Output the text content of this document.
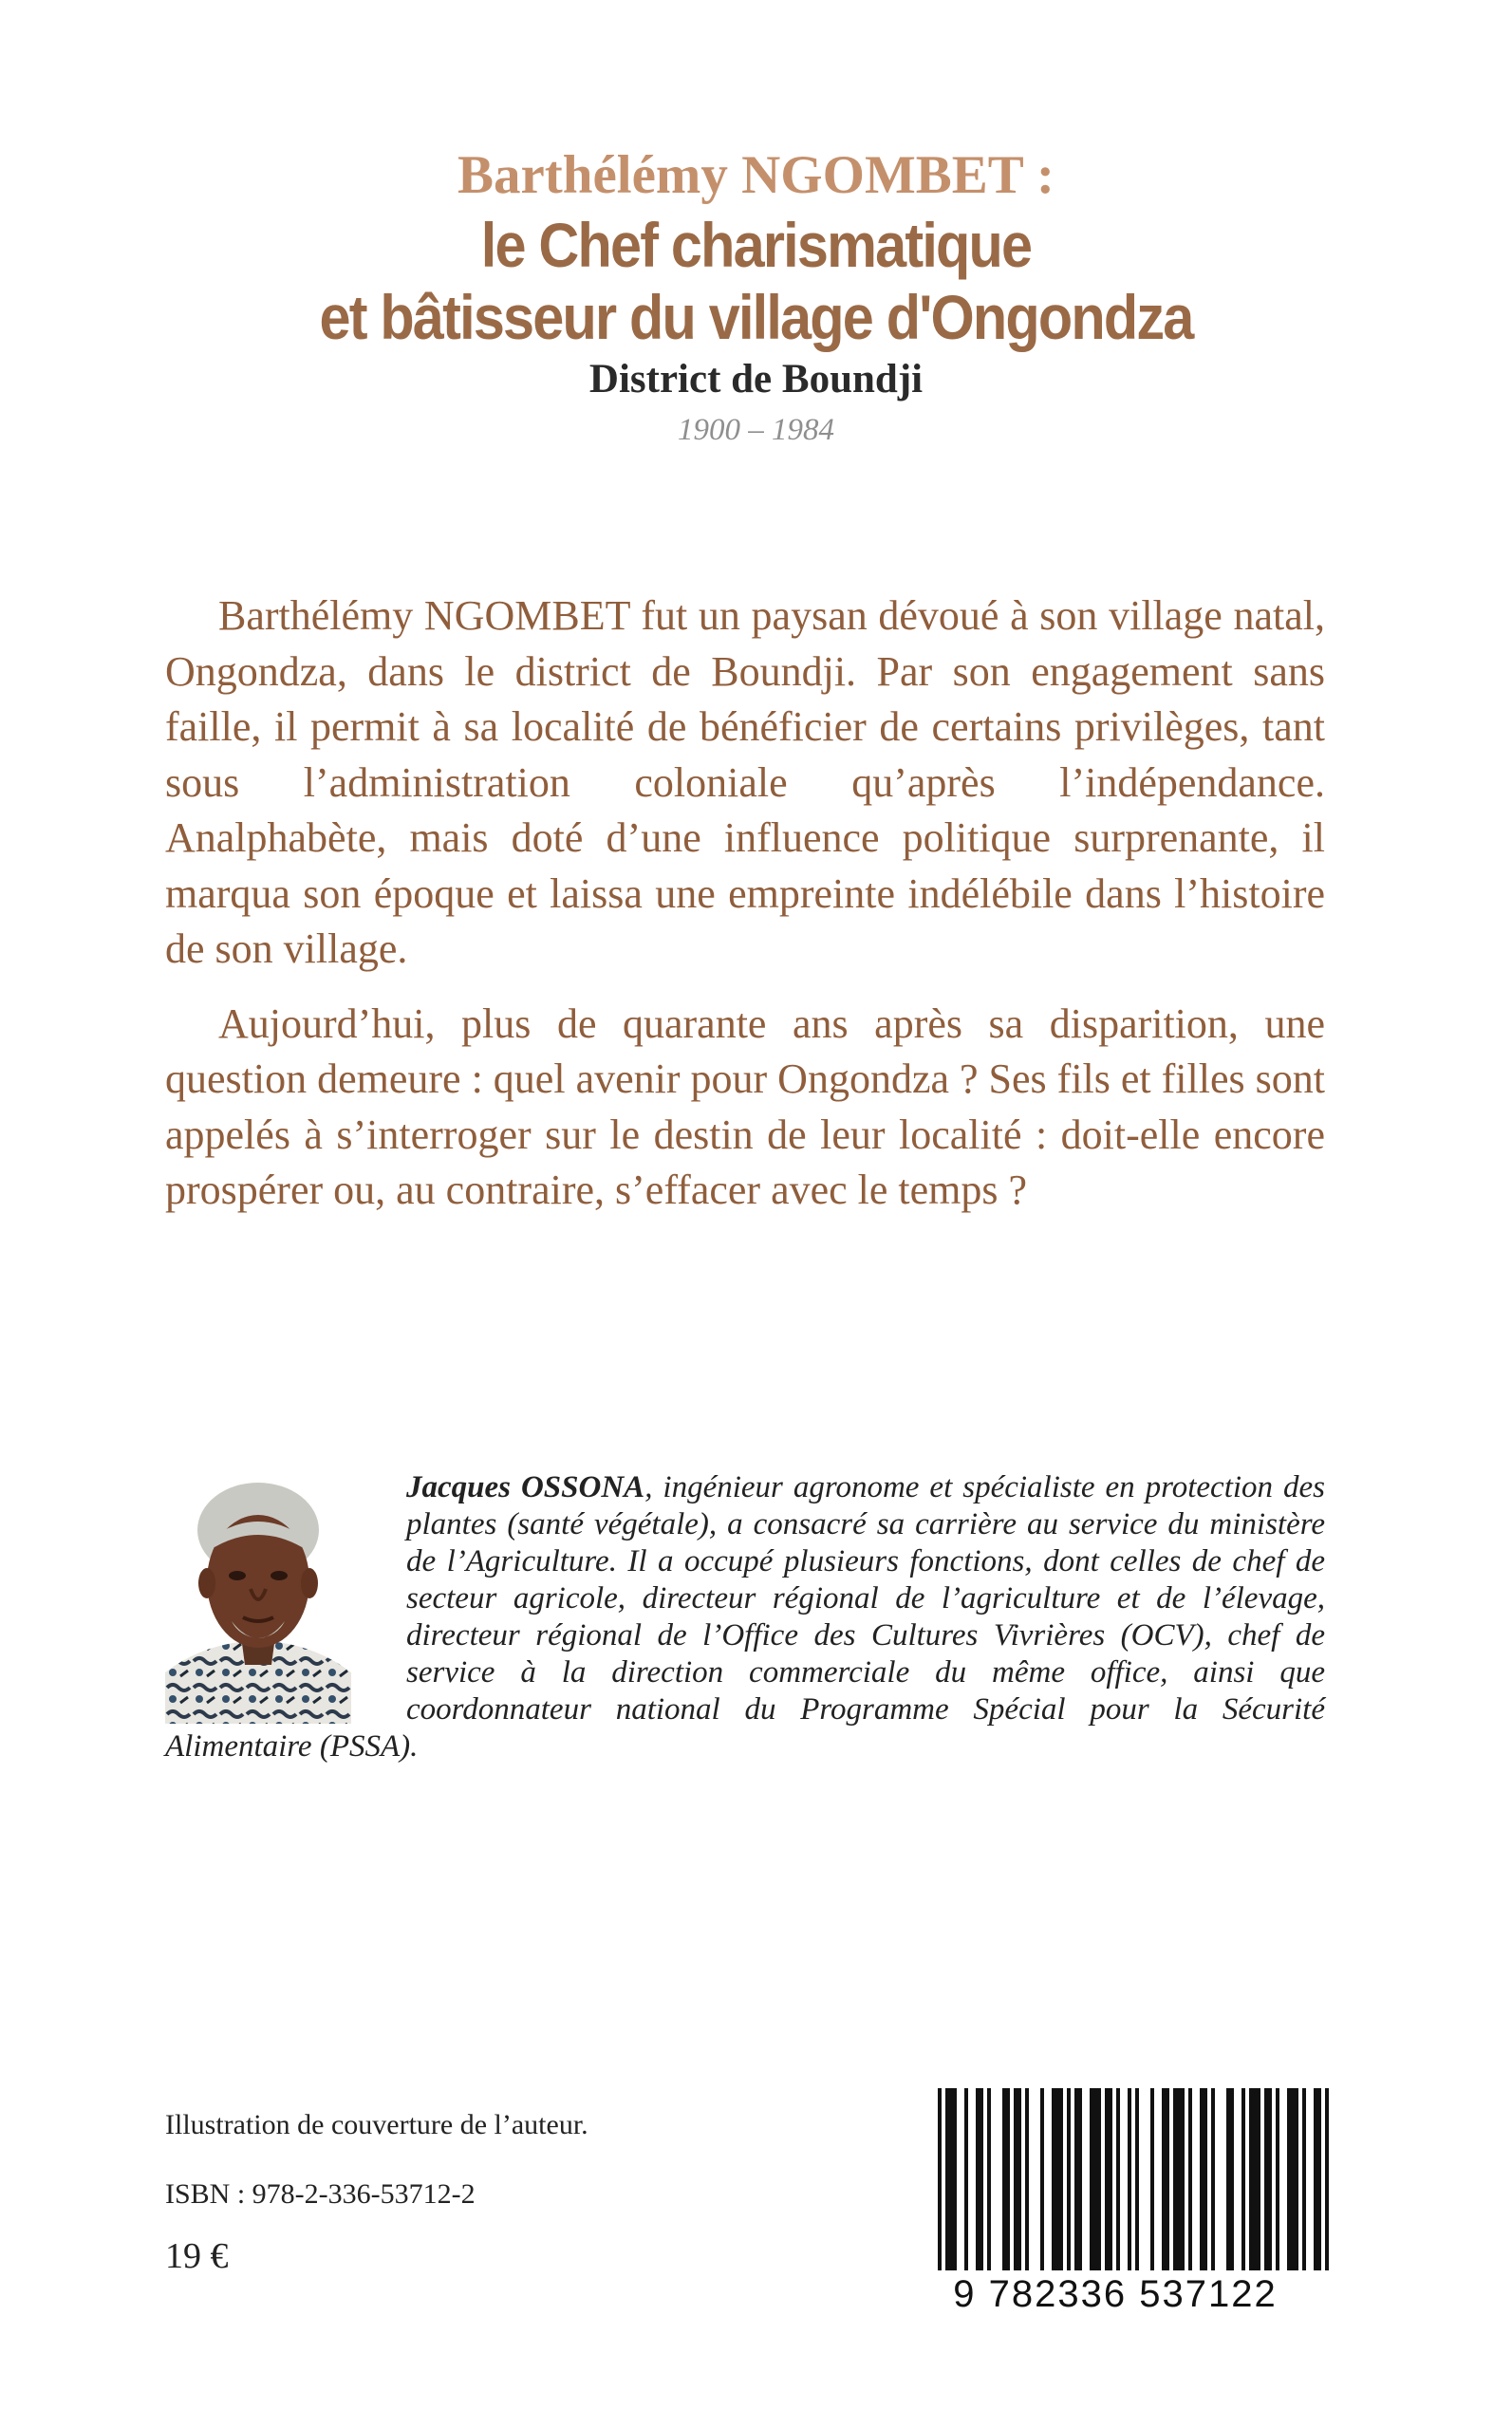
Barthélémy NGOMBET :
le Chef charismatique
et bâtisseur du village d'Ongondza
District de Boundji
1900 – 1984

Barthélémy NGOMBET fut un paysan dévoué à son village natal, Ongondza, dans le district de Boundji. Par son engagement sans faille, il permit à sa localité de bénéficier de certains privilèges, tant sous l’administration coloniale qu’après l’indépendance. Analphabète, mais doté d’une influence politique surprenante, il marqua son époque et laissa une empreinte indélébile dans l’histoire de son village.

Aujourd’hui, plus de quarante ans après sa disparition, une question demeure : quel avenir pour Ongondza ? Ses fils et filles sont appelés à s’interroger sur le destin de leur localité : doit-elle encore prospérer ou, au contraire, s’effacer avec le temps ?

Jacques OSSONA, ingénieur agronome et spécialiste en protection des plantes (santé végétale), a consacré sa carrière au service du ministère de l’Agriculture. Il a occupé plusieurs fonctions, dont celles de chef de secteur agricole, directeur régional de l’agriculture et de l’élevage, directeur régional de l’Office des Cultures Vivrières (OCV), chef de service à la direction commerciale du même office, ainsi que coordonnateur national du Programme Spécial pour la Sécurité Alimentaire (PSSA).
Illustration de couverture de l’auteur.
ISBN : 978-2-336-53712-2
19 €
9 782336 537122
